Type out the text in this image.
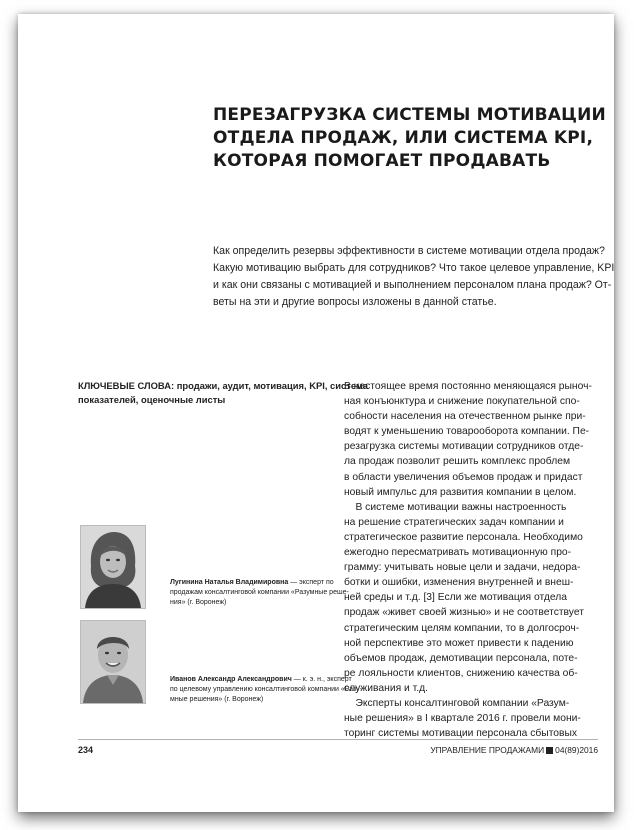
ПЕРЕЗАГРУЗКА СИСТЕМЫ МОТИВАЦИИ
ОТДЕЛА ПРОДАЖ, ИЛИ СИСТЕМА KPI,
КОТОРАЯ ПОМОГАЕТ ПРОДАВАТЬ
Как определить резервы эффективности в системе мотивации отдела продаж?
Какую мотивацию выбрать для сотрудников? Что такое целевое управление, KPI
и как они связаны с мотивацией и выполнением персоналом плана продаж? От-
веты на эти и другие вопросы изложены в данной статье.
КЛЮЧЕВЫЕ СЛОВА: продажи, аудит, мотивация, KPI, система
показателей, оценочные листы
В настоящее время постоянно меняющаяся рыноч-
ная конъюнктура и снижение покупательной спо-
собности населения на отечественном рынке при-
водят к уменьшению товарооборота компании. Пе-
резагрузка системы мотивации сотрудников отде-
ла продаж позволит решить комплекс проблем
в области увеличения объемов продаж и придаст
новый импульс для развития компании в целом.
В системе мотивации важны настроенность
на решение стратегических задач компании и
стратегическое развитие персонала. Необходимо
ежегодно пересматривать мотивационную про-
грамму: учитывать новые цели и задачи, недора-
ботки и ошибки, изменения внутренней и внеш-
ней среды и т.д. [3] Если же мотивация отдела
продаж «живет своей жизнью» и не соответствует
стратегическим целям компании, то в долгосроч-
ной перспективе это может привести к падению
объемов продаж, демотивации персонала, поте-
ре лояльности клиентов, снижению качества об-
служивания и т.д.
Эксперты консалтинговой компании «Разум-
ные решения» в I квартале 2016 г. провели мони-
торинг системы мотивации персонала сбытовых
Лугинина Наталья Владимировна — эксперт по
продажам консалтинговой компании «Разумные реше-
ния» (г. Воронеж)
Иванов Александр Александрович — к. э. н., эксперт
по целевому управлению консалтинговой компании «Разу-
мные решения» (г. Воронеж)
234	УПРАВЛЕНИЕ ПРОДАЖАМИ 04(89)2016
